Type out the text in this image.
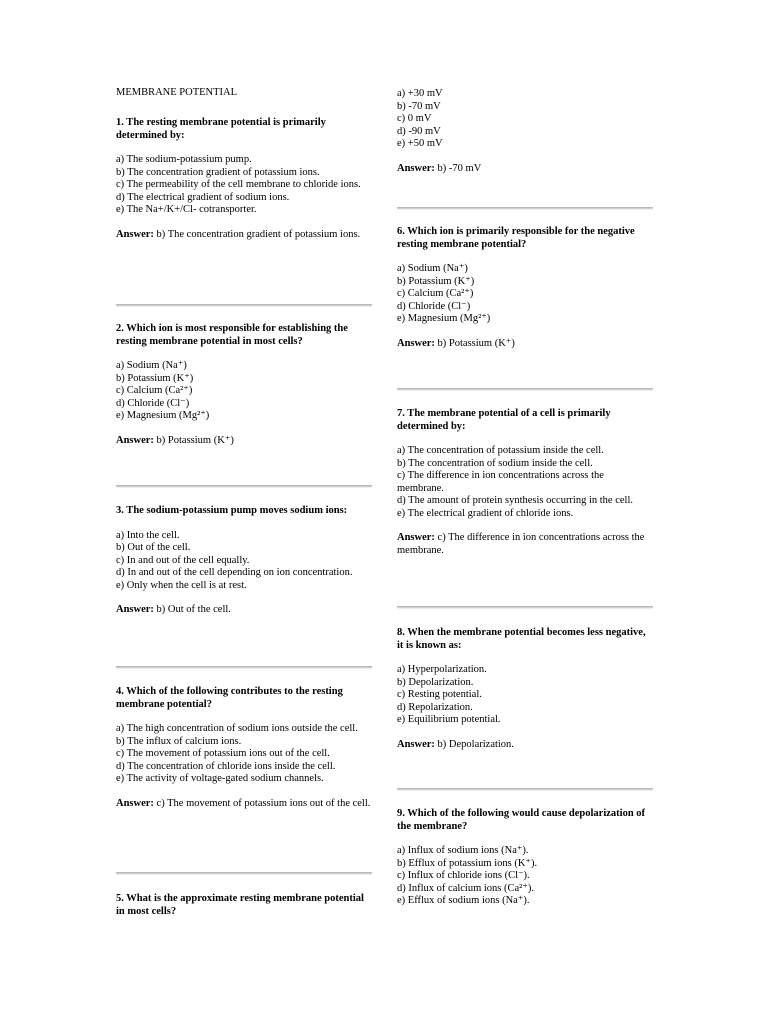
MEMBRANE POTENTIAL

1. The resting membrane potential is primarily determined by:

a) The sodium-potassium pump.
b) The concentration gradient of potassium ions.
c) The permeability of the cell membrane to chloride ions.
d) The electrical gradient of sodium ions.
e) The Na+/K+/Cl- cotransporter.

Answer: b) The concentration gradient of potassium ions.

2. Which ion is most responsible for establishing the resting membrane potential in most cells?

a) Sodium (Na⁺)
b) Potassium (K⁺)
c) Calcium (Ca²⁺)
d) Chloride (Cl⁻)
e) Magnesium (Mg²⁺)

Answer: b) Potassium (K⁺)

3. The sodium-potassium pump moves sodium ions:

a) Into the cell.
b) Out of the cell.
c) In and out of the cell equally.
d) In and out of the cell depending on ion concentration.
e) Only when the cell is at rest.

Answer: b) Out of the cell.

4. Which of the following contributes to the resting membrane potential?

a) The high concentration of sodium ions outside the cell.
b) The influx of calcium ions.
c) The movement of potassium ions out of the cell.
d) The concentration of chloride ions inside the cell.
e) The activity of voltage-gated sodium channels.

Answer: c) The movement of potassium ions out of the cell.

5. What is the approximate resting membrane potential in most cells?

a) +30 mV
b) -70 mV
c) 0 mV
d) -90 mV
e) +50 mV

Answer: b) -70 mV

6. Which ion is primarily responsible for the negative resting membrane potential?

a) Sodium (Na⁺)
b) Potassium (K⁺)
c) Calcium (Ca²⁺)
d) Chloride (Cl⁻)
e) Magnesium (Mg²⁺)

Answer: b) Potassium (K⁺)

7. The membrane potential of a cell is primarily determined by:

a) The concentration of potassium inside the cell.
b) The concentration of sodium inside the cell.
c) The difference in ion concentrations across the membrane.
d) The amount of protein synthesis occurring in the cell.
e) The electrical gradient of chloride ions.

Answer: c) The difference in ion concentrations across the membrane.

8. When the membrane potential becomes less negative, it is known as:

a) Hyperpolarization.
b) Depolarization.
c) Resting potential.
d) Repolarization.
e) Equilibrium potential.

Answer: b) Depolarization.

9. Which of the following would cause depolarization of the membrane?

a) Influx of sodium ions (Na⁺).
b) Efflux of potassium ions (K⁺).
c) Influx of chloride ions (Cl⁻).
d) Influx of calcium ions (Ca²⁺).
e) Efflux of sodium ions (Na⁺).
